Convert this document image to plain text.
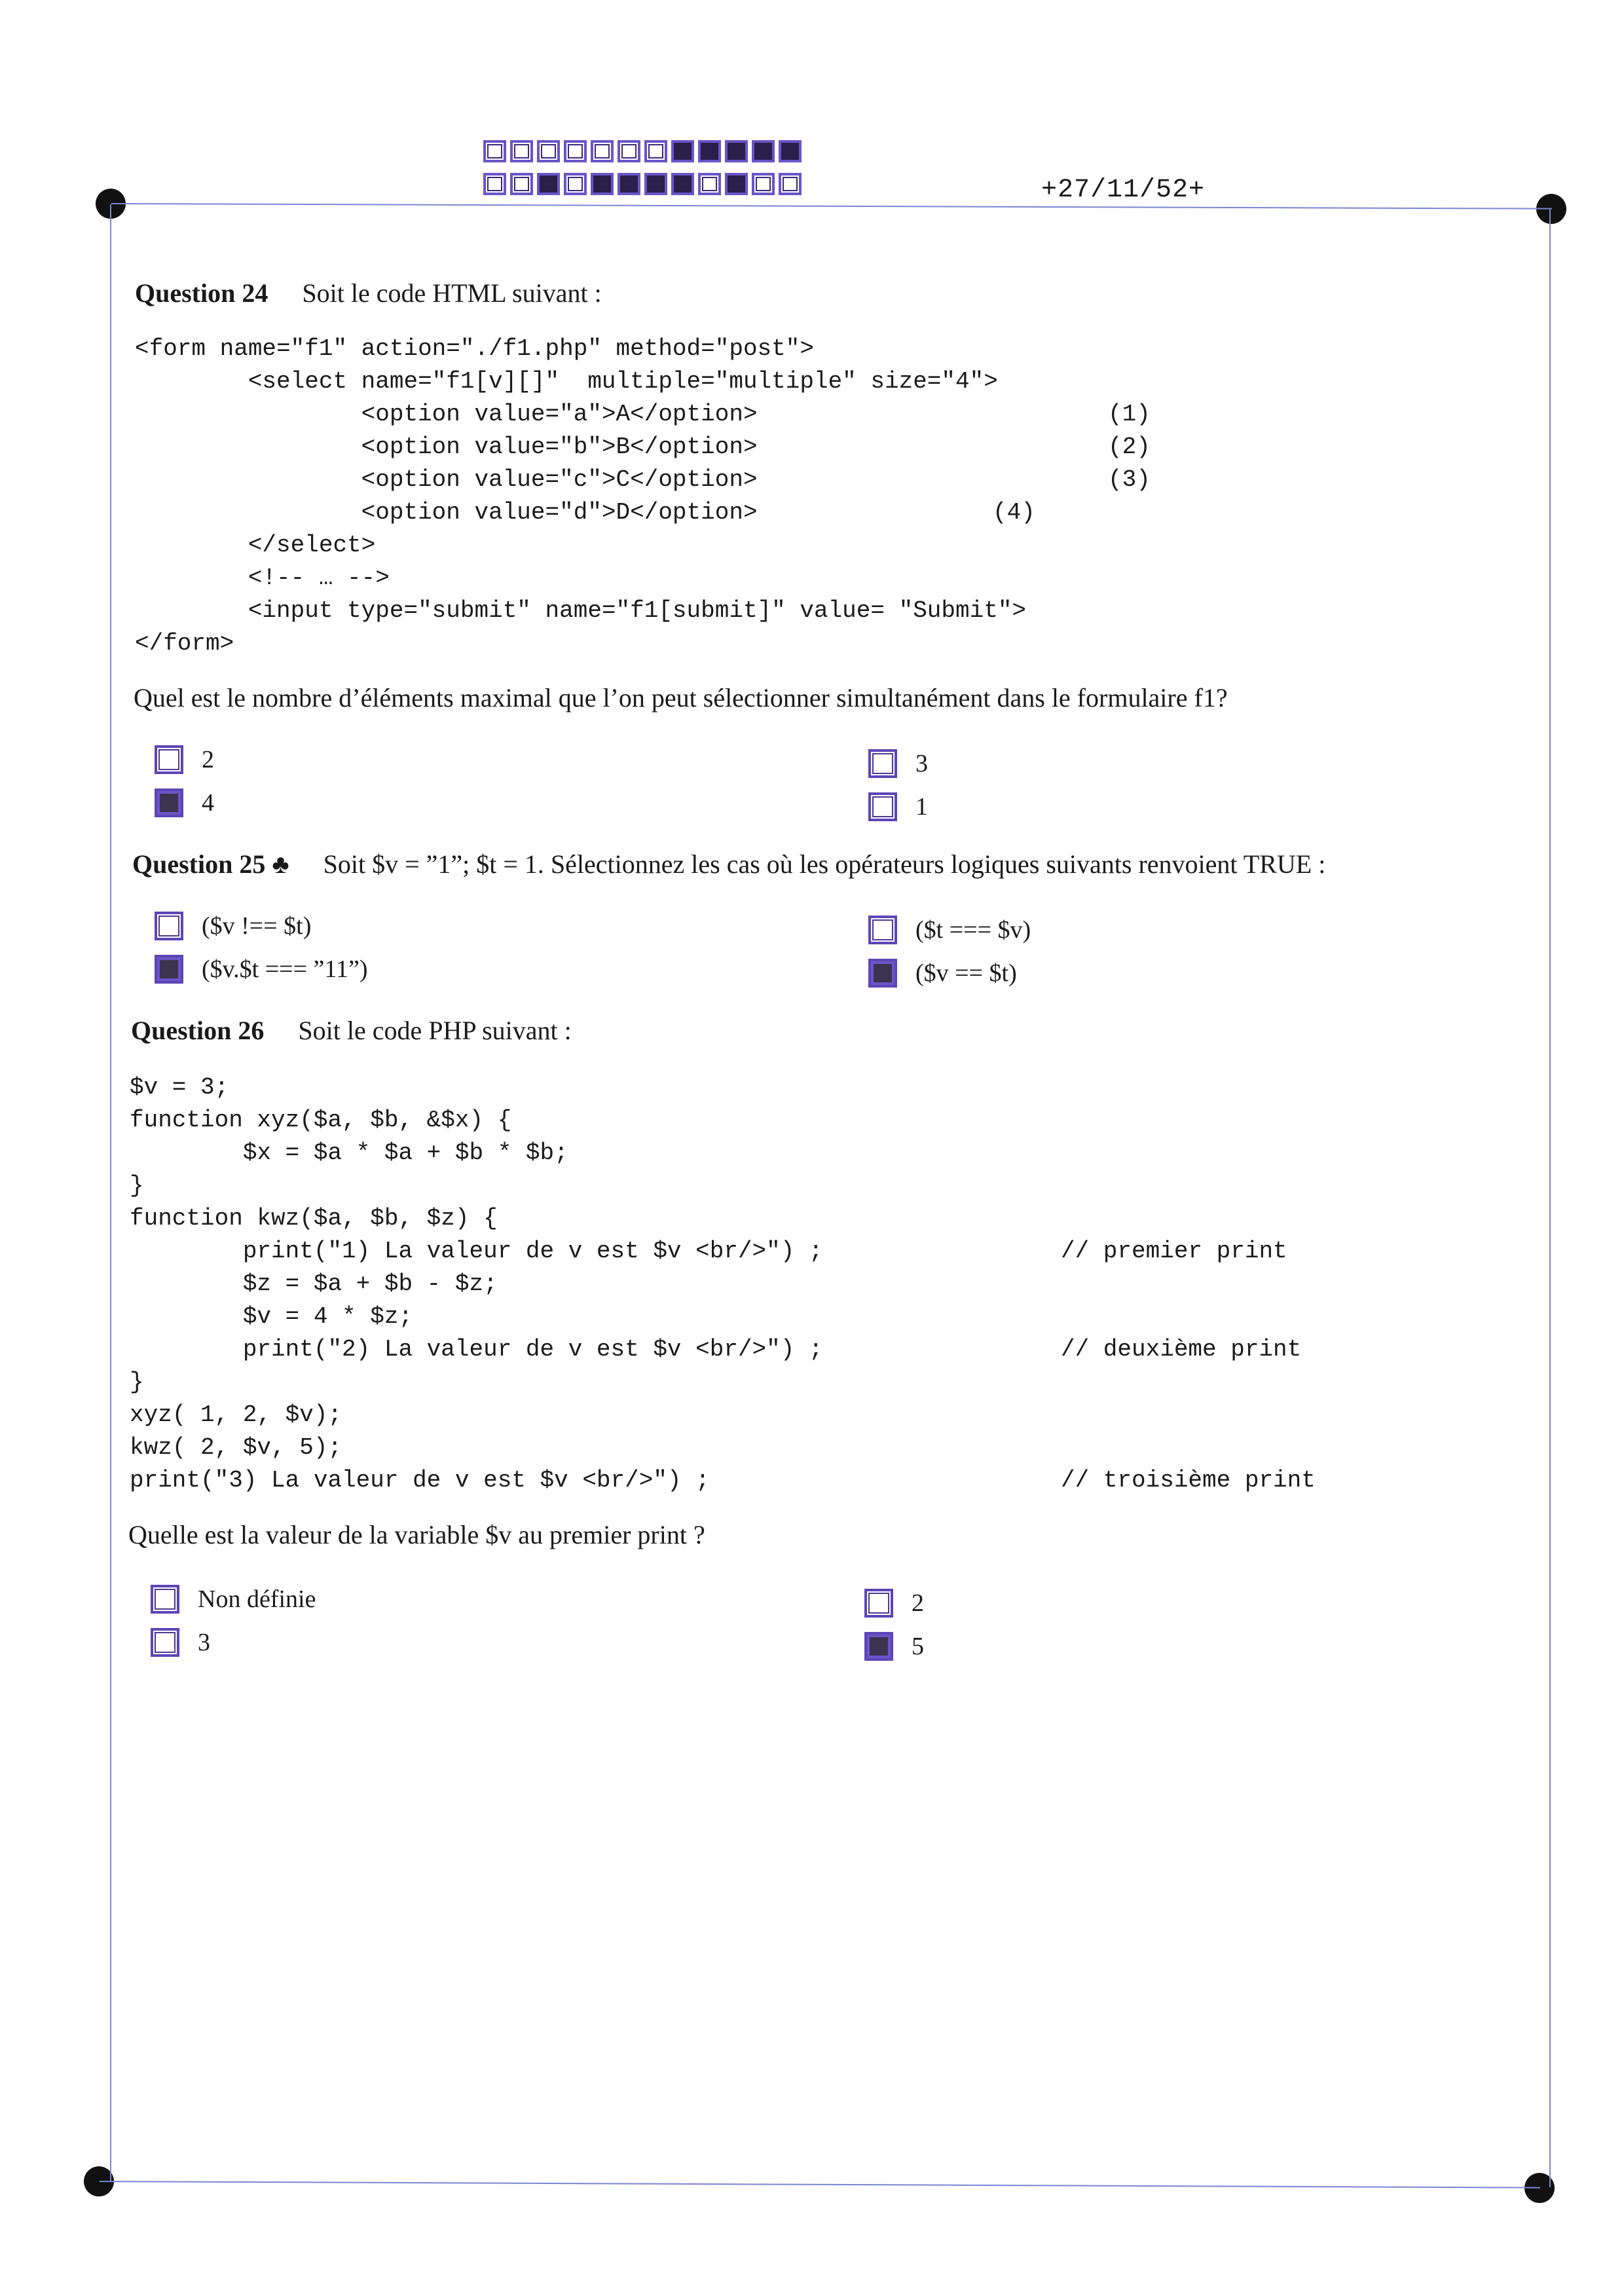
+27/11/52+
Question 24 Soit le code HTML suivant :
<form name="f1" action="./f1.php" method="post">
<select name="f1[v][]"  multiple="multiple" size="4">
<option value="a">A</option>
<option value="b">B</option>
<option value="c">C</option>
<option value="d">D</option>
</select>
<!-- … -->
<input type="submit" name="f1[submit]" value= "Submit">
</form>

(1)
(2)
(3)
(4)

Quel est le nombre d’éléments maximal que l’on peut sélectionner simultanément dans le formulaire f1?
2
4
3
1
Question 25 ♣ Soit $v = ”1”; $t = 1. Sélectionnez les cas où les opérateurs logiques suivants renvoient TRUE :
($v !== $t)
($v.$t === ”11”)
($t === $v)
($v == $t)
Question 26 Soit le code PHP suivant :
$v = 3;
function xyz($a, $b, &$x) {
$x = $a * $a + $b * $b;
}
function kwz($a, $b, $z) {
print("1) La valeur de v est $v <br/>") ;
$z = $a + $b - $z;
$v = 4 * $z;
print("2) La valeur de v est $v <br/>") ;
}
xyz( 1, 2, $v);
kwz( 2, $v, 5);
print("3) La valeur de v est $v <br/>") ;

// premier print

// deuxième print

// troisième print
Quelle est la valeur de la variable $v au premier print ?
Non définie
3
2
5
